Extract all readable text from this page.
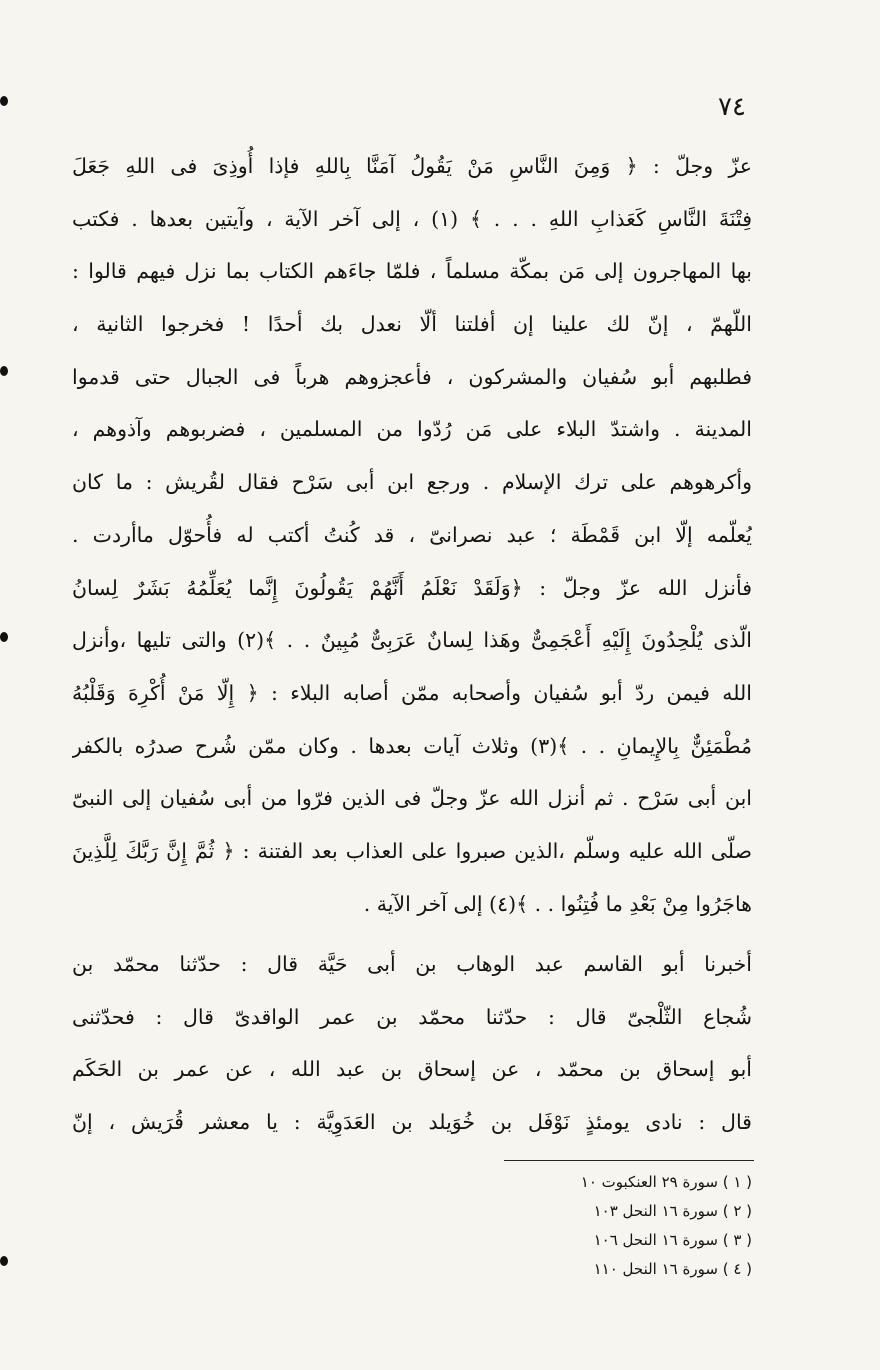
٧٤
عزّ وجلّ : ﴿ وَمِنَ النَّاسِ مَنْ يَقُولُ آمَنَّا بِاللهِ فإذا أُوذِىَ فى اللهِ جَعَلَ
فِتْنَةَ النَّاسِ كَعَذابِ اللهِ . . . ﴾ (١) ، إلى آخر الآية ، وآيتين بعدها . فكتب
بها المهاجرون إلى مَن بمكّة مسلماً ، فلمّا جاءَهم الكتاب بما نزل فيهم قالوا :
اللّهمّ ، إنّ لك علينا إن أفلتنا ألّا نعدل بك أحدًا ! فخرجوا الثانية ،
فطلبهم أبو سُفيان والمشركون ، فأعجزوهم هرباً فى الجبال حتى قدموا
المدينة . واشتدّ البلاء على مَن رُدّوا من المسلمين ، فضربوهم وآذوهم ،
وأكرهوهم على ترك الإسلام . ورجع ابن أبى سَرْح فقال لقُريش : ما كان
يُعلّمه إلّا ابن قَمْطَة ؛ عبد نصرانىّ ، قد كُنتُ أكتب له فأُحوّل ماأردت .
فأنزل الله عزّ وجلّ : ﴿وَلَقَدْ نَعْلَمُ أَنَّهُمْ يَقُولُونَ إِنَّما يُعَلِّمُهُ بَشَرٌ لِسانُ
الّذى يُلْحِدُونَ إِلَيْهِ أَعْجَمِىٌّ وهَذا لِسانٌ عَرَبِىٌّ مُبِينٌ . . ﴾(٢) والتى تليها ،وأنزل
الله فيمن ردّ أبو سُفيان وأصحابه ممّن أصابه البلاء : ﴿ إِلّا مَنْ أُكْرِهَ وَقَلْبُهُ
مُطْمَئِنٌّ بِالإِيمانِ . . ﴾(٣) وثلاث آيات بعدها . وكان ممّن شُرح صدرُه بالكفر
ابن أبى سَرْح . ثم أنزل الله عزّ وجلّ فى الذين فرّوا من أبى سُفيان إلى النبىّ
صلّى الله عليه وسلّم ،الذين صبروا على العذاب بعد الفتنة : ﴿ ثُمَّ إِنَّ رَبَّكَ لِلَّذِينَ
هاجَرُوا مِنْ بَعْدِ ما فُتِنُوا . . ﴾(٤) إلى آخر الآية .
أخبرنا أبو القاسم عبد الوهاب بن أبى حَيَّة قال : حدّثنا محمّد بن
شُجاع الثّلْجىّ قال : حدّثنا محمّد بن عمر الواقدىّ قال : فحدّثنى
أبو إسحاق بن محمّد ، عن إسحاق بن عبد الله ، عن عمر بن الحَكَم
قال : نادى يومئذٍ نَوْفَل بن خُوَيلد بن العَدَوِيَّة : يا معشر قُرَيش ، إنّ
( ١ ) سورة ٢٩ العنكبوت ١٠
( ٢ ) سورة ١٦ النحل ١٠٣
( ٣ ) سورة ١٦ النحل ١٠٦
( ٤ ) سورة ١٦ النحل ١١٠
